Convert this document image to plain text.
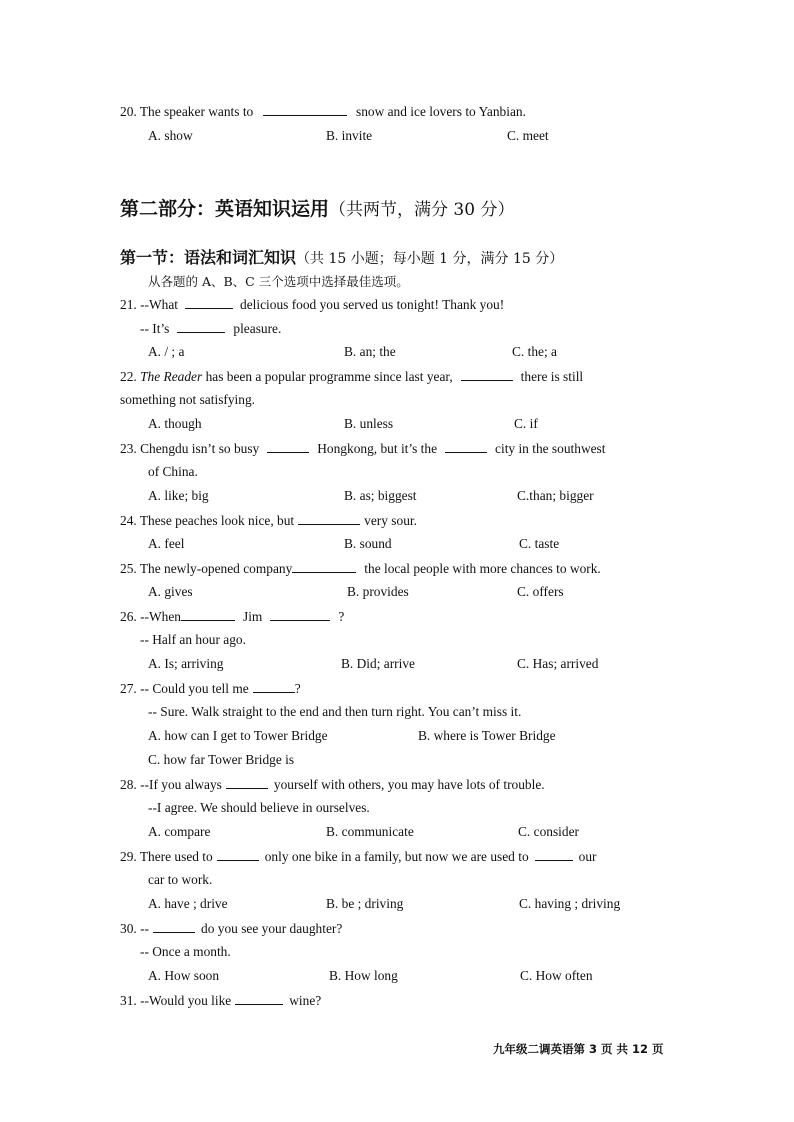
20. The speaker wants to	snow and ice lovers to Yanbian.
A. show	B. invite	C. meet
第二部分：英语知识运用（共两节，满分 30 分）
第一节：语法和词汇知识（共 15 小题；每小题 1 分，满分 15 分）
从各题的 A、B、C 三个选项中选择最佳选项。
21. --What	delicious food you served us tonight! Thank you!
-- It’s	pleasure.
A. / ; a	B. an; the	C. the; a
22. The Reader has been a popular programme since last year,	there is still
something not satisfying.
A. though	B. unless	C. if
23. Chengdu isn’t so busy	Hongkong, but it’s the	city in the southwest
of China.
A. like; big	B. as; biggest	C.than; bigger
24. These peaches look nice, but	very sour.
A. feel	B. sound	C. taste
25. The newly-opened company	the local people with more chances to work.
A. gives	B. provides	C. offers
26. --When	Jim	?
-- Half an hour ago.
A. Is; arriving	B. Did; arrive	C. Has; arrived
27. -- Could you tell me	?
-- Sure. Walk straight to the end and then turn right. You can’t miss it.
A. how can I get to Tower Bridge	B. where is Tower Bridge
C. how far Tower Bridge is
28. --If you always	yourself with others, you may have lots of trouble.
--I agree. We should believe in ourselves.
A. compare	B. communicate	C. consider
29. There used to	only one bike in a family, but now we are used to	our
car to work.
A. have ; drive	B. be ; driving	C. having ; driving
30. --	do you see your daughter?
-- Once a month.
A. How soon	B. How long	C. How often
31. --Would you like	wine?
九年级二调英语第 3 页 共 12 页
